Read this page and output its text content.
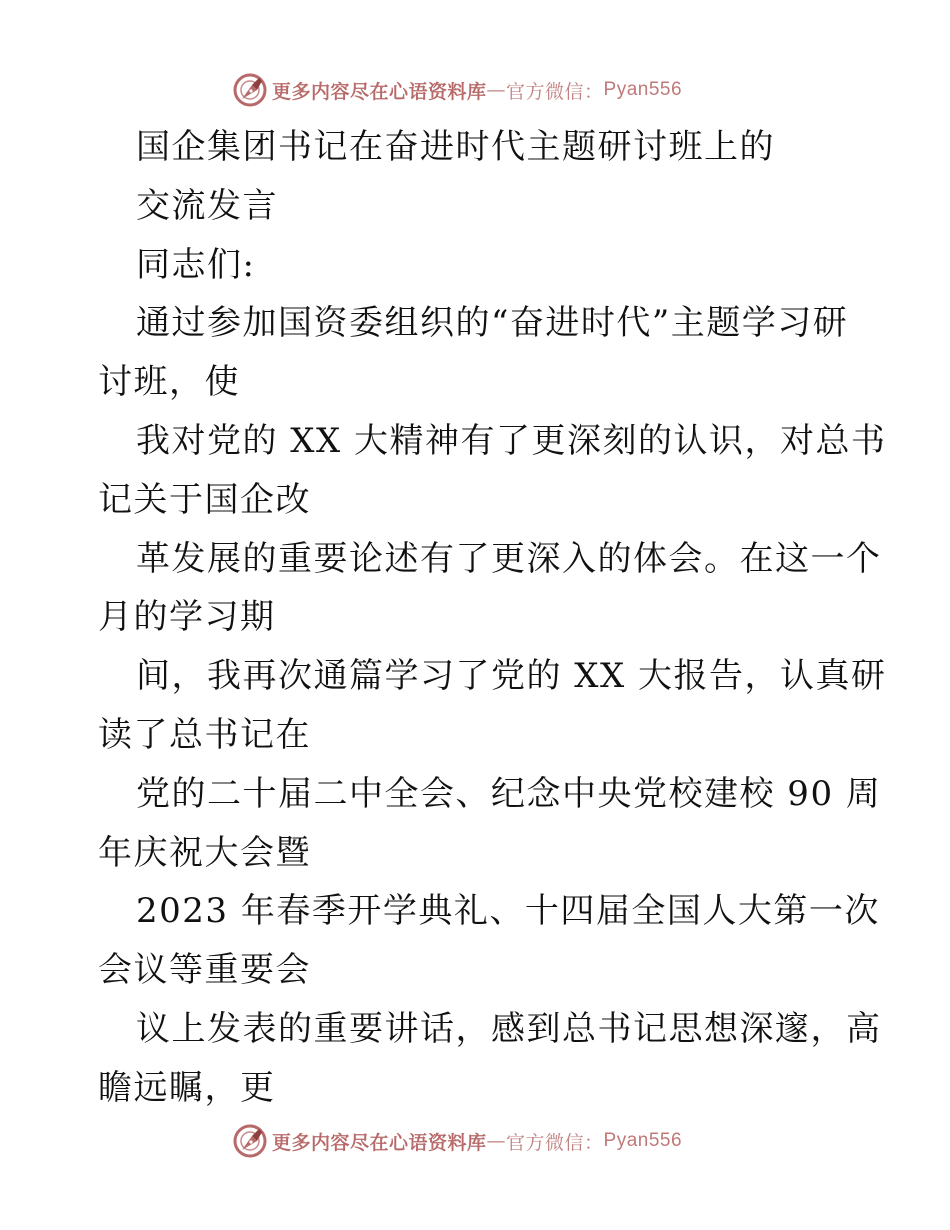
更多内容尽在心语资料库 — 官方微信： Pyan556
国企集团书记在奋进时代主题研讨班上的
交流发言
同志们:
通过参加国资委组织的“奋进时代”主题学习研
讨班，使
我对党的 XX 大精神有了更深刻的认识，对总书
记关于国企改
革发展的重要论述有了更深入的体会。在这一个
月的学习期
间，我再次通篇学习了党的 XX 大报告，认真研
读了总书记在
党的二十届二中全会、纪念中央党校建校 90 周
年庆祝大会暨
2023 年春季开学典礼、十四届全国人大第一次
会议等重要会
议上发表的重要讲话，感到总书记思想深邃，高
瞻远瞩，更
更多内容尽在心语资料库 — 官方微信： Pyan556
